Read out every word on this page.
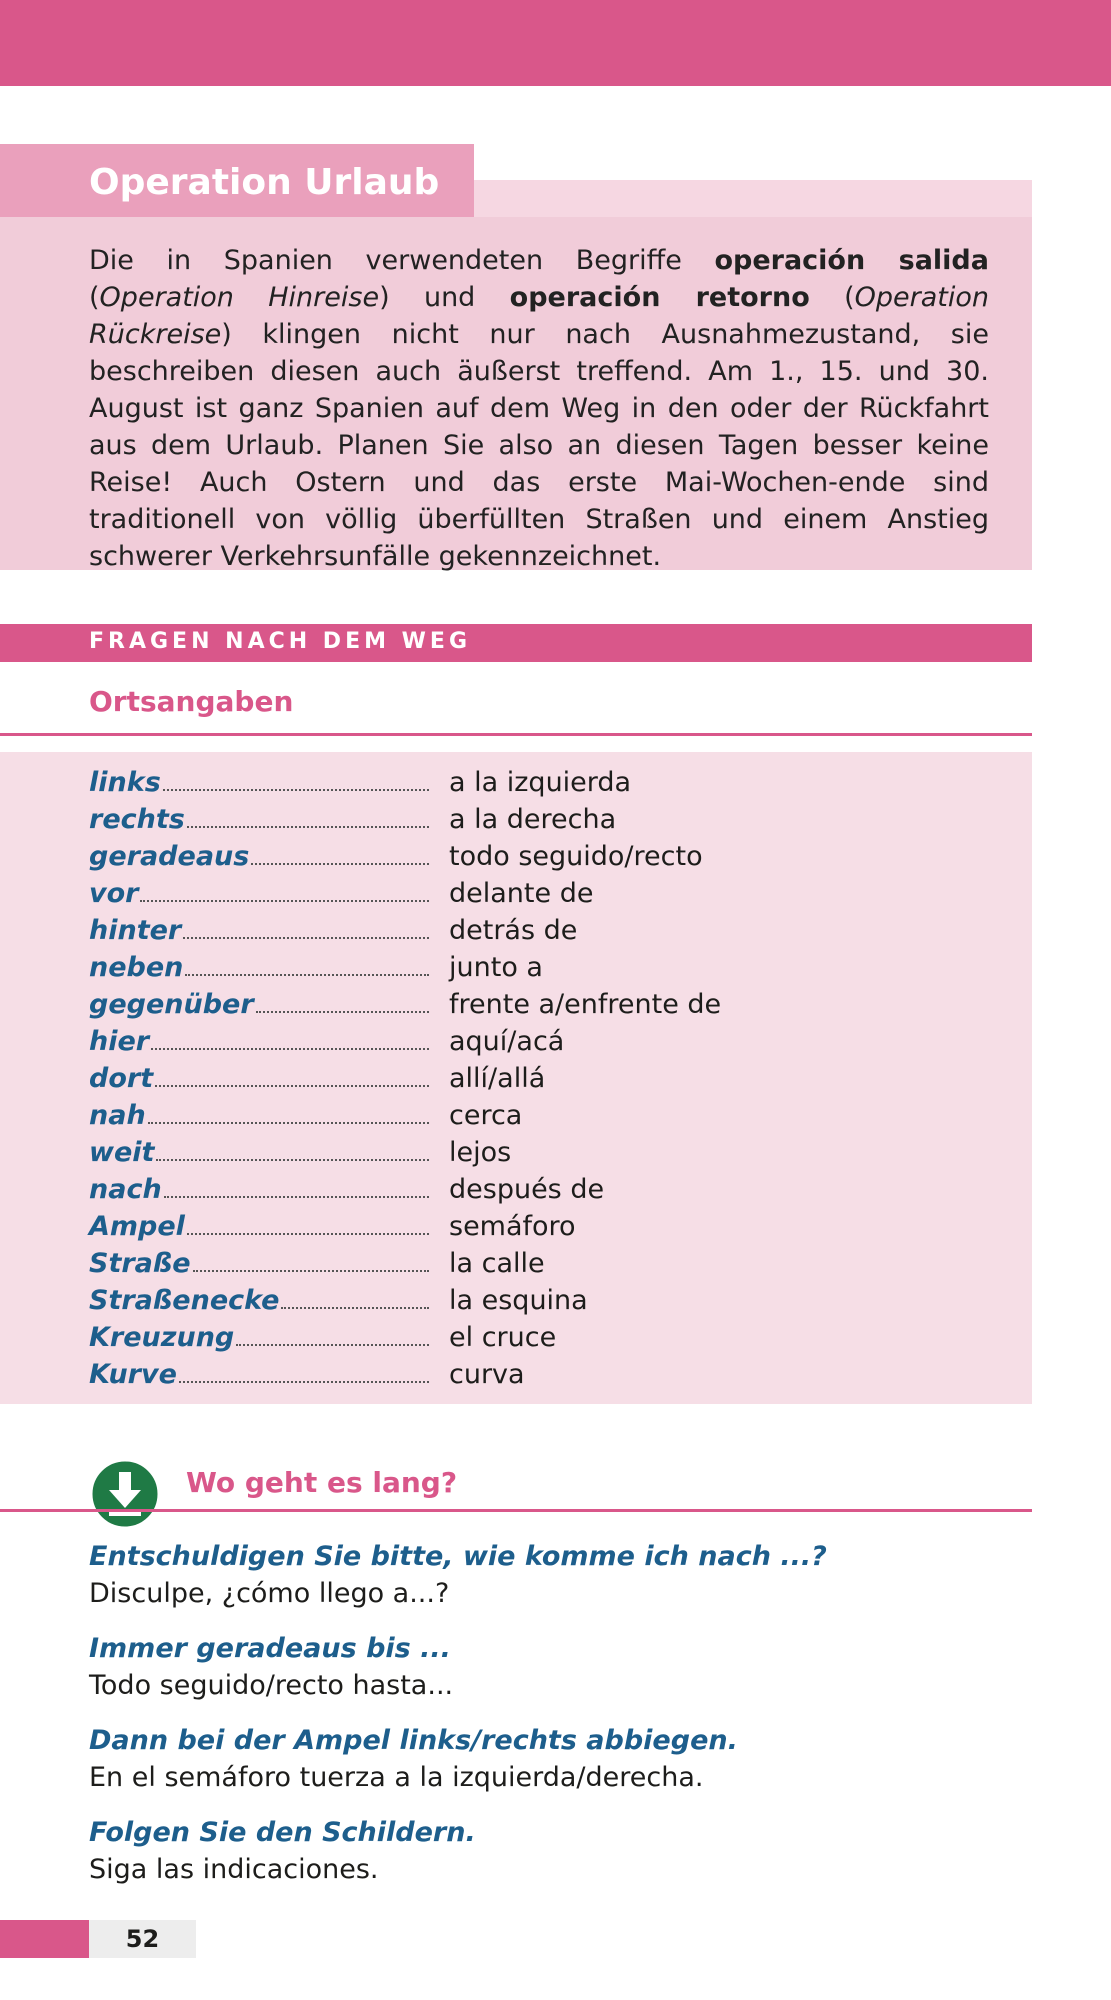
Operation Urlaub

Die in Spanien verwendeten Begriffe operación salida (Operation Hinreise) und operación retorno (Operation Rückreise) klingen nicht nur nach Ausnahmezustand, sie beschreiben diesen auch äußerst treffend. Am 1., 15. und 30. August ist ganz Spanien auf dem Weg in den oder der Rückfahrt aus dem Urlaub. Planen Sie also an diesen Tagen besser keine Reise! Auch Ostern und das erste Mai-Wochen-ende sind traditionell von völlig überfüllten Straßen und einem Anstieg schwerer Verkehrsunfälle gekennzeichnet.

FRAGEN NACH DEM WEG
Ortsangaben
links	a la izquierda
rechts	a la derecha
geradeaus	todo seguido/recto
vor	delante de
hinter	detrás de
neben	junto a
gegenüber	frente a/enfrente de
hier	aquí/acá
dort	allí/allá
nah	cerca
weit	lejos
nach	después de
Ampel	semáforo
Straße	la calle
Straßenecke	la esquina
Kreuzung	el cruce
Kurve	curva
Wo geht es lang?
Entschuldigen Sie bitte, wie komme ich nach ...?
Disculpe, ¿cómo llego a...?
Immer geradeaus bis ...
Todo seguido/recto hasta...
Dann bei der Ampel links/rechts abbiegen.
En el semáforo tuerza a la izquierda/derecha.
Folgen Sie den Schildern.
Siga las indicaciones.
52
